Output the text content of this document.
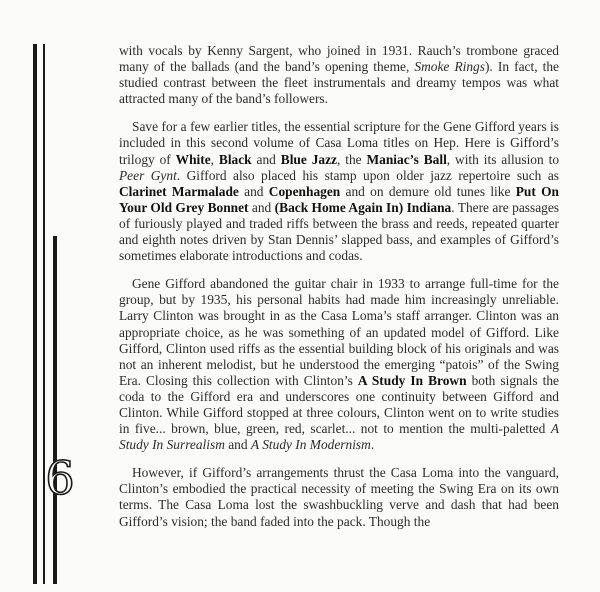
6

with vocals by Kenny Sargent, who joined in 1931. Rauch’s trombone graced many of the ballads (and the band’s opening theme, Smoke Rings). In fact, the studied contrast between the fleet instrumentals and dreamy tempos was what attracted many of the band’s followers.

Save for a few earlier titles, the essential scripture for the Gene Gifford years is included in this second volume of Casa Loma titles on Hep. Here is Gifford’s trilogy of White, Black and Blue Jazz, the Maniac’s Ball, with its allusion to Peer Gynt. Gifford also placed his stamp upon older jazz repertoire such as Clarinet Marmalade and Copenhagen and on demure old tunes like Put On Your Old Grey Bonnet and (Back Home Again In) Indiana. There are passages of furiously played and traded riffs between the brass and reeds, repeated quarter and eighth notes driven by Stan Dennis’ slapped bass, and examples of Gifford’s sometimes elaborate introductions and codas.

Gene Gifford abandoned the guitar chair in 1933 to arrange full-time for the group, but by 1935, his personal habits had made him increasingly unreliable. Larry Clinton was brought in as the Casa Loma’s staff arranger. Clinton was an appropriate choice, as he was something of an updated model of Gifford. Like Gifford, Clinton used riffs as the essential building block of his originals and was not an inherent melodist, but he understood the emerging “patois” of the Swing Era. Closing this collection with Clinton’s A Study In Brown both signals the coda to the Gifford era and underscores one continuity between Gifford and Clinton. While Gifford stopped at three colours, Clinton went on to write studies in five... brown, blue, green, red, scarlet... not to mention the multi-paletted A Study In Surrealism and A Study In Modernism.

However, if Gifford’s arrangements thrust the Casa Loma into the vanguard, Clinton’s embodied the practical necessity of meeting the Swing Era on its own terms. The Casa Loma lost the swashbuckling verve and dash that had been Gifford’s vision; the band faded into the pack. Though the
